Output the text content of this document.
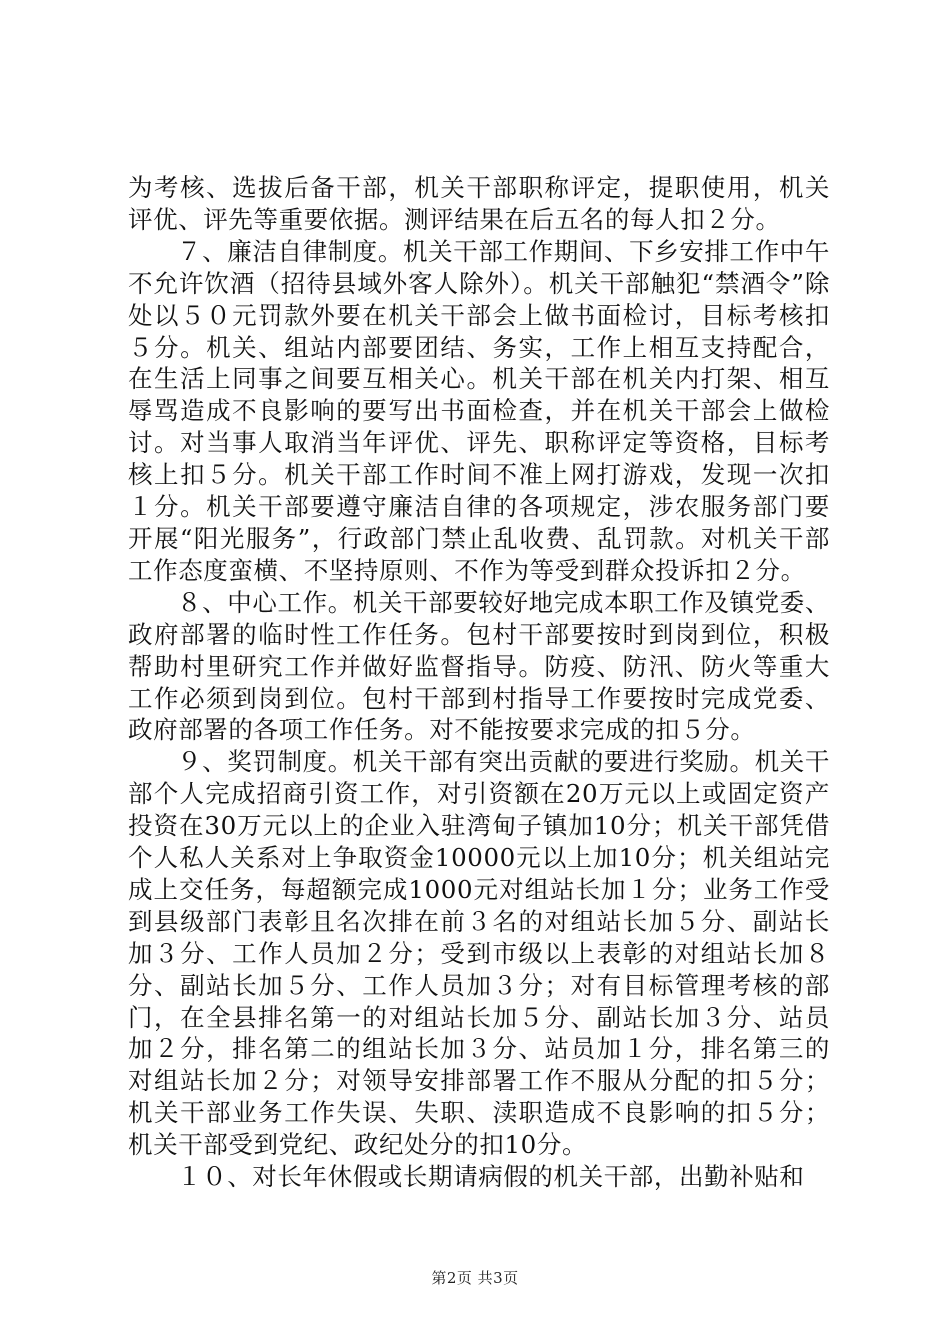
为考核、选拔后备干部，机关干部职称评定，提职使用，机关评优、评先等重要依据。测评结果在后五名的每人扣２分。

７、廉洁自律制度。机关干部工作期间、下乡安排工作中午不允许饮酒（招待县域外客人除外）。机关干部触犯“禁酒令”除处以５０元罚款外要在机关干部会上做书面检讨，目标考核扣５分。机关、组站内部要团结、务实，工作上相互支持配合，在生活上同事之间要互相关心。机关干部在机关内打架、相互辱骂造成不良影响的要写出书面检查，并在机关干部会上做检讨。对当事人取消当年评优、评先、职称评定等资格，目标考核上扣５分。机关干部工作时间不准上网打游戏，发现一次扣１分。机关干部要遵守廉洁自律的各项规定，涉农服务部门要开展“阳光服务”，行政部门禁止乱收费、乱罚款。对机关干部工作态度蛮横、不坚持原则、不作为等受到群众投诉扣２分。

８、中心工作。机关干部要较好地完成本职工作及镇党委、政府部署的临时性工作任务。包村干部要按时到岗到位，积极帮助村里研究工作并做好监督指导。防疫、防汛、防火等重大工作必须到岗到位。包村干部到村指导工作要按时完成党委、政府部署的各项工作任务。对不能按要求完成的扣５分。

９、奖罚制度。机关干部有突出贡献的要进行奖励。机关干部个人完成招商引资工作，对引资额在20万元以上或固定资产投资在30万元以上的企业入驻湾甸子镇加10分；机关干部凭借个人私人关系对上争取资金10000元以上加10分；机关组站完成上交任务，每超额完成1000元对组站长加１分；业务工作受到县级部门表彰且名次排在前３名的对组站长加５分、副站长加３分、工作人员加２分；受到市级以上表彰的对组站长加８分、副站长加５分、工作人员加３分；对有目标管理考核的部门，在全县排名第一的对组站长加５分、副站长加３分、站员加２分，排名第二的组站长加３分、站员加１分，排名第三的对组站长加２分；对领导安排部署工作不服从分配的扣５分；机关干部业务工作失误、失职、渎职造成不良影响的扣５分；机关干部受到党纪、政纪处分的扣10分。

１０、对长年休假或长期请病假的机关干部，出勤补贴和

第2页 共3页
